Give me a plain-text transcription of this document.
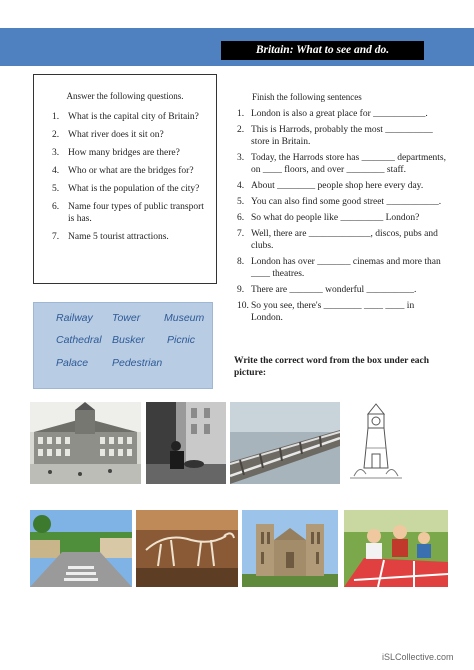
Britain: What to see and do.
Answer the following questions.
1. What is the capital city of Britain?
2. What river does it sit on?
3. How many bridges are there?
4. Who or what are the bridges for?
5. What is the population of the city?
6. Name four types of public transport is has.
7. Name 5 tourist attractions.
Finish the following sentences
1. London is also a great place for ___________.
2. This is Harrods, probably the most __________ store in Britain.
3. Today, the Harrods store has _______ departments, on ____ floors, and over ________ staff.
4. About ________ people shop here every day.
5. You can also find some good street ___________.
6. So what do people like _________ London?
7. Well, there are _____________, discos, pubs and clubs.
8. London has over _______ cinemas and more than ____ theatres.
9. There are _______ wonderful __________.
10. So you see, there's ________ ____ ____ in London.
Railway Tower Museum
Cathedral Busker Picnic
Palace Pedestrian	Write the correct word from the box under each picture:
iSLCollective.com
